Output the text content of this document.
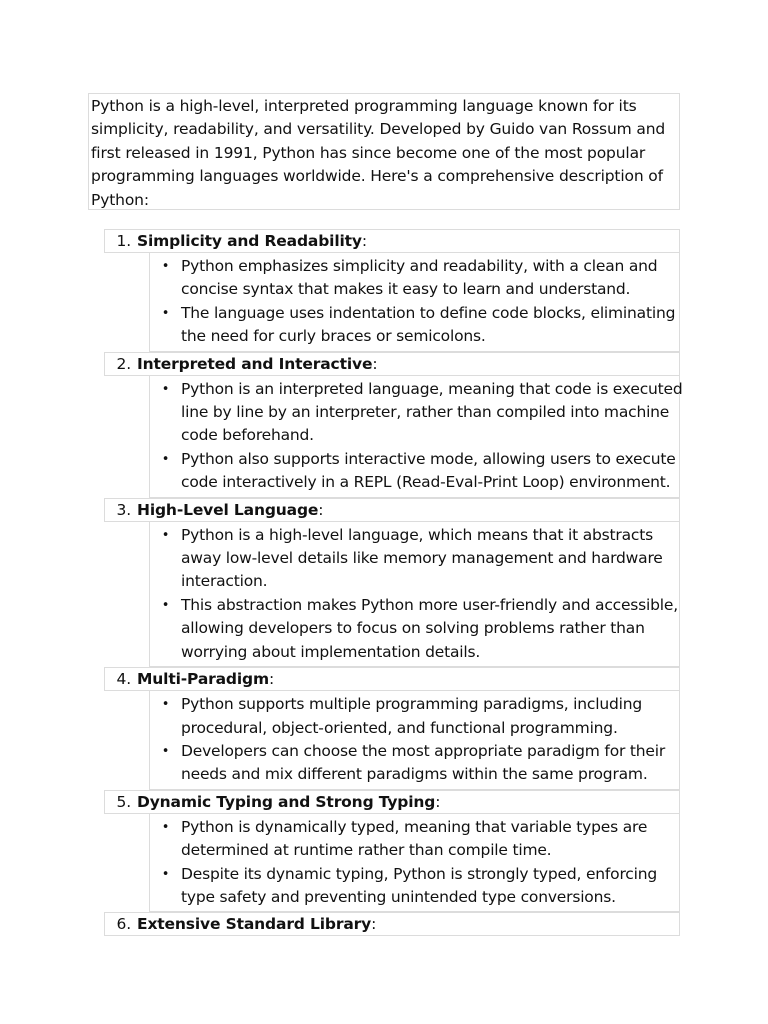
Python is a high-level, interpreted programming language known for its
simplicity, readability, and versatility. Developed by Guido van Rossum and
first released in 1991, Python has since become one of the most popular
programming languages worldwide. Here's a comprehensive description of
Python:
1. Simplicity and Readability:
• Python emphasizes simplicity and readability, with a clean and
concise syntax that makes it easy to learn and understand.
• The language uses indentation to define code blocks, eliminating
the need for curly braces or semicolons.
2. Interpreted and Interactive:
• Python is an interpreted language, meaning that code is executed
line by line by an interpreter, rather than compiled into machine
code beforehand.
• Python also supports interactive mode, allowing users to execute
code interactively in a REPL (Read-Eval-Print Loop) environment.
3. High-Level Language:
• Python is a high-level language, which means that it abstracts
away low-level details like memory management and hardware
interaction.
• This abstraction makes Python more user-friendly and accessible,
allowing developers to focus on solving problems rather than
worrying about implementation details.
4. Multi-Paradigm:
• Python supports multiple programming paradigms, including
procedural, object-oriented, and functional programming.
• Developers can choose the most appropriate paradigm for their
needs and mix different paradigms within the same program.
5. Dynamic Typing and Strong Typing:
• Python is dynamically typed, meaning that variable types are
determined at runtime rather than compile time.
• Despite its dynamic typing, Python is strongly typed, enforcing
type safety and preventing unintended type conversions.
6. Extensive Standard Library:
